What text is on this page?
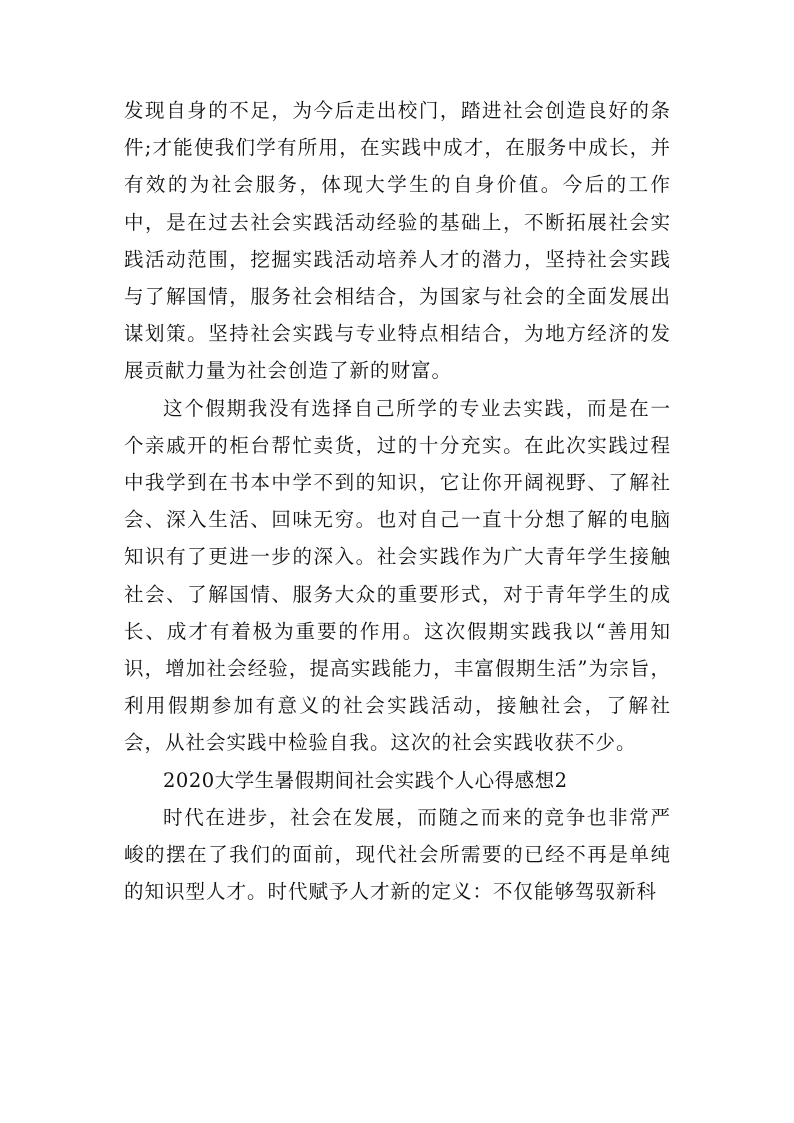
发现自身的不足，为今后走出校门，踏进社会创造良好的条件;才能使我们学有所用，在实践中成才，在服务中成长，并有效的为社会服务，体现大学生的自身价值。今后的工作中，是在过去社会实践活动经验的基础上，不断拓展社会实践活动范围，挖掘实践活动培养人才的潜力，坚持社会实践与了解国情，服务社会相结合，为国家与社会的全面发展出谋划策。坚持社会实践与专业特点相结合，为地方经济的发展贡献力量为社会创造了新的财富。

这个假期我没有选择自己所学的专业去实践，而是在一个亲戚开的柜台帮忙卖货，过的十分充实。在此次实践过程中我学到在书本中学不到的知识，它让你开阔视野、了解社会、深入生活、回味无穷。也对自己一直十分想了解的电脑知识有了更进一步的深入。社会实践作为广大青年学生接触社会、了解国情、服务大众的重要形式，对于青年学生的成长、成才有着极为重要的作用。这次假期实践我以“善用知识，增加社会经验，提高实践能力，丰富假期生活”为宗旨，利用假期参加有意义的社会实践活动，接触社会，了解社会，从社会实践中检验自我。这次的社会实践收获不少。

2020大学生暑假期间社会实践个人心得感想2

时代在进步，社会在发展，而随之而来的竞争也非常严峻的摆在了我们的面前，现代社会所需要的已经不再是单纯的知识型人才。时代赋予人才新的定义：不仅能够驾驭新科
